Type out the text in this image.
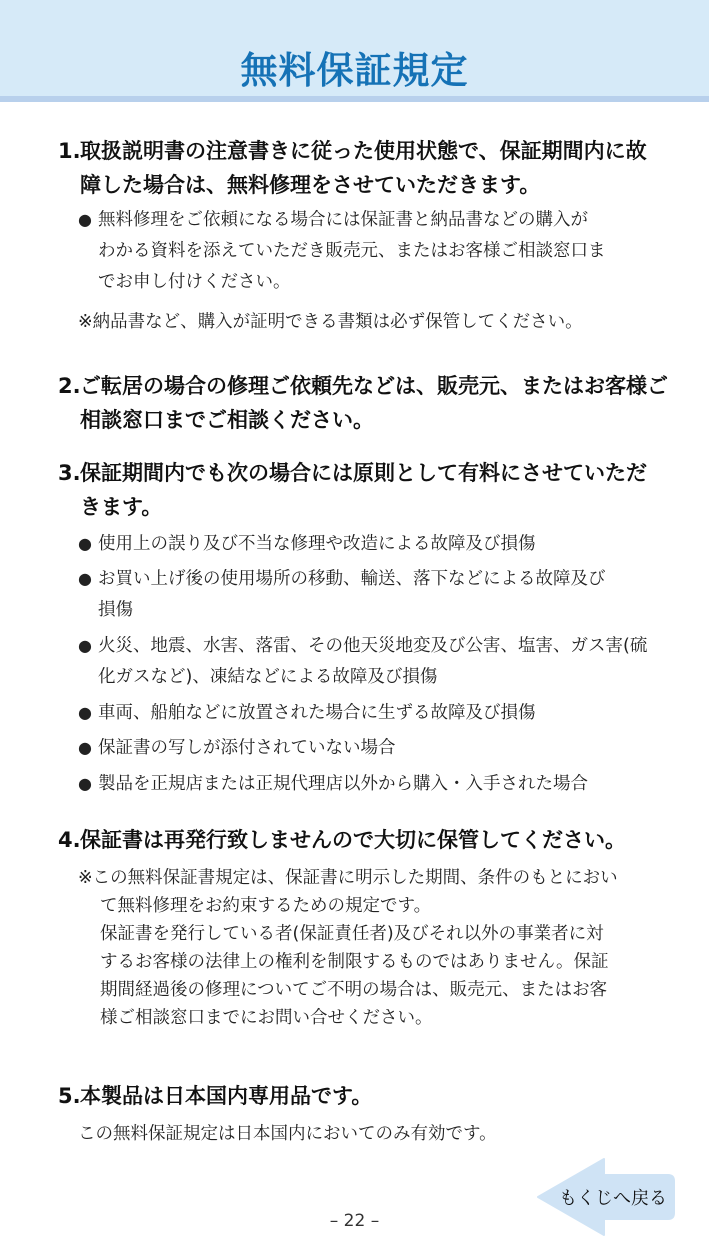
無料保証規定
1.取扱説明書の注意書きに従った使用状態で、保証期間内に故
障した場合は、無料修理をさせていただきます。
● 無料修理をご依頼になる場合には保証書と納品書などの購入が
わかる資料を添えていただき販売元、またはお客様ご相談窓口ま
でお申し付けください。
※納品書など、購入が証明できる書類は必ず保管してください。
2.ご転居の場合の修理ご依頼先などは、販売元、またはお客様ご
相談窓口までご相談ください。
3.保証期間内でも次の場合には原則として有料にさせていただ
きます。
● 使用上の誤り及び不当な修理や改造による故障及び損傷
● お買い上げ後の使用場所の移動、輸送、落下などによる故障及び
損傷
● 火災、地震、水害、落雷、その他天災地変及び公害、塩害、ガス害(硫
化ガスなど)、凍結などによる故障及び損傷
● 車両、船舶などに放置された場合に生ずる故障及び損傷
● 保証書の写しが添付されていない場合
● 製品を正規店または正規代理店以外から購入・入手された場合
4.保証書は再発行致しませんので大切に保管してください。
※この無料保証書規定は、保証書に明示した期間、条件のもとにおい
て無料修理をお約束するための規定です。
保証書を発行している者(保証責任者)及びそれ以外の事業者に対
するお客様の法律上の権利を制限するものではありません。保証
期間経過後の修理についてご不明の場合は、販売元、またはお客
様ご相談窓口までにお問い合せください。
5.本製品は日本国内専用品です。
この無料保証規定は日本国内においてのみ有効です。
もくじへ戻る
– 22 –
